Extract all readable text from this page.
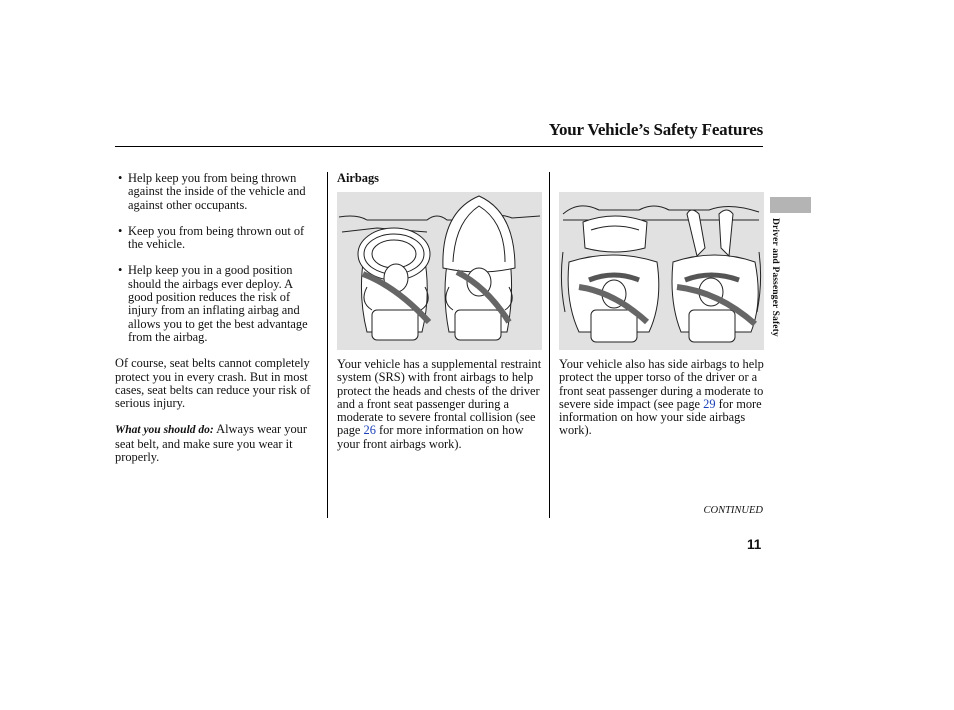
Your Vehicle’s Safety Features
• Help keep you from being thrown against the inside of the vehicle and against other occupants.
• Keep you from being thrown out of the vehicle.
• Help keep you in a good position should the airbags ever deploy. A good position reduces the risk of injury from an inflating airbag and allows you to get the best advantage from the airbag.

Of course, seat belts cannot completely protect you in every crash. But in most cases, seat belts can reduce your risk of serious injury.

What you should do: Always wear your seat belt, and make sure you wear it properly.

Airbags
Your vehicle has a supplemental restraint system (SRS) with front airbags to help protect the heads and chests of the driver and a front seat passenger during a moderate to severe frontal collision (see page 26 for more information on how your front airbags work).
Your vehicle also has side airbags to help protect the upper torso of the driver or a front seat passenger during a moderate to severe side impact (see page 29 for more information on how your side airbags work).
CONTINUED
11
Driver and Passenger Safety
